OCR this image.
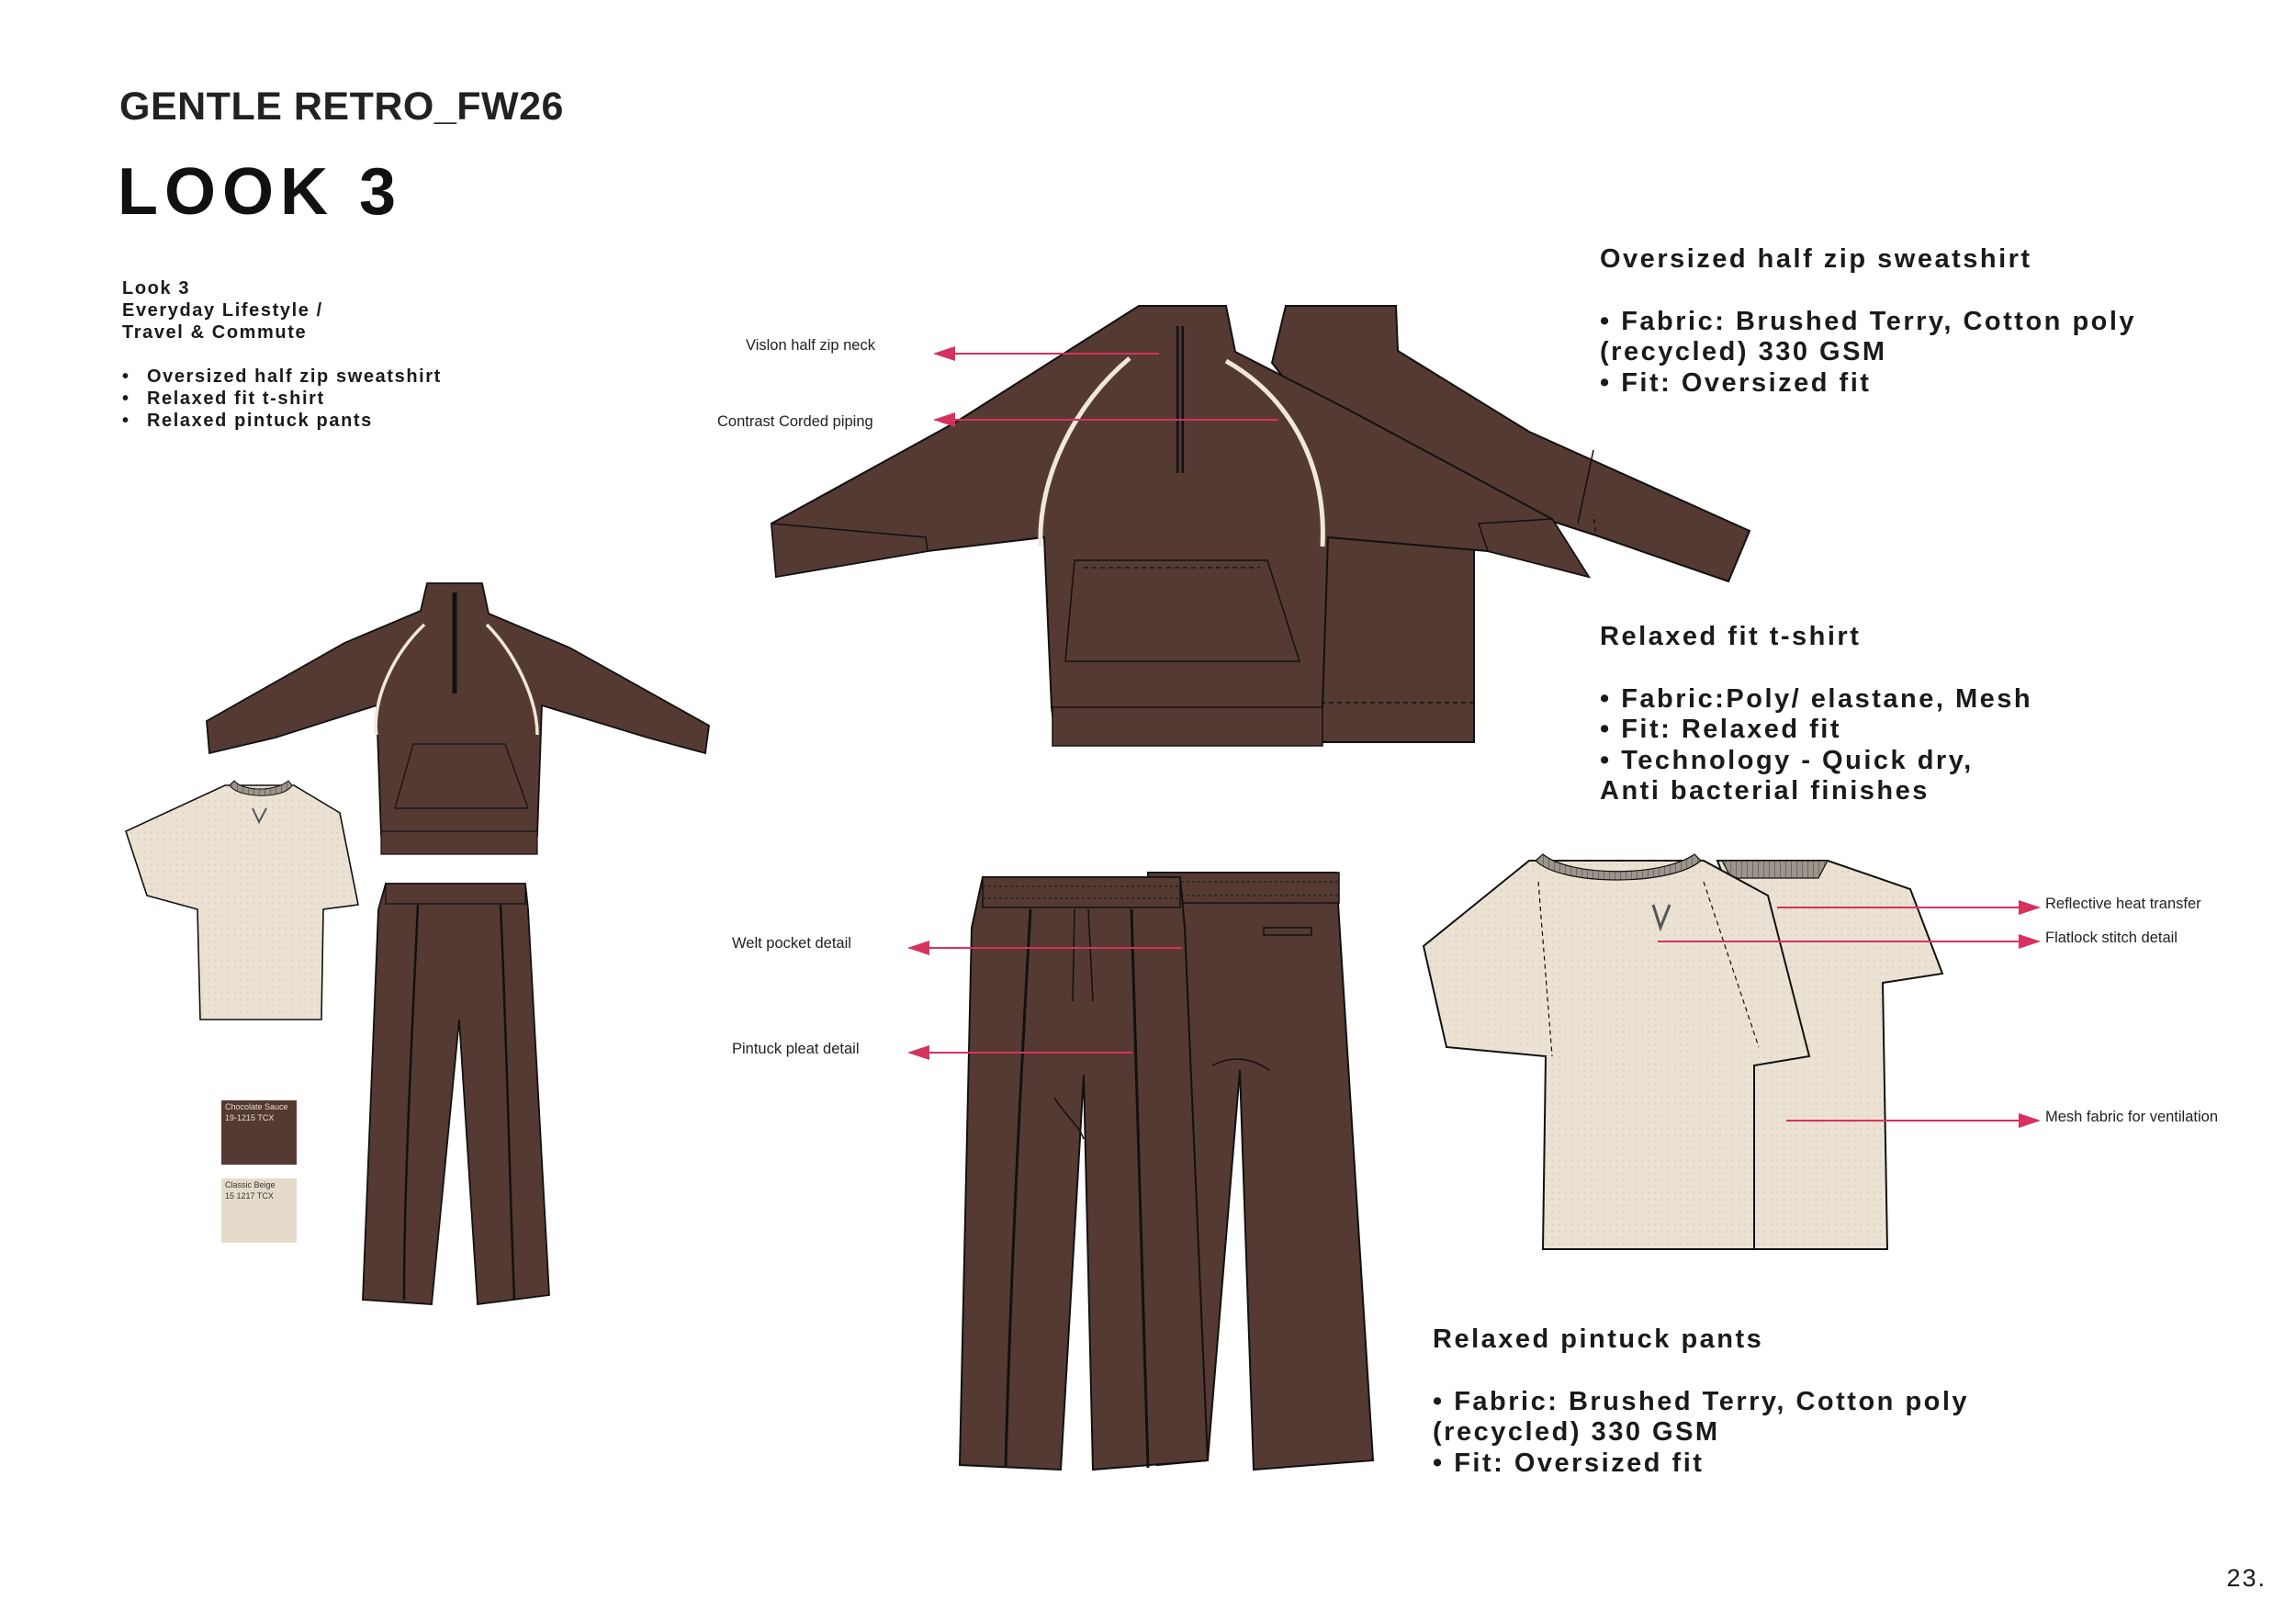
GENTLE RETRO_FW26
LOOK 3
Look 3
Everyday Lifestyle /
Travel & Commute
• Oversized half zip sweatshirt
• Relaxed fit t-shirt
• Relaxed pintuck pants
Chocolate Sauce
19-1215 TCX
Classic Beige
15 1217 TCX
Vislon half zip neck
Contrast Corded piping
Oversized half zip sweatshirt
• Fabric: Brushed Terry, Cotton poly
(recycled) 330 GSM
• Fit: Oversized fit
Relaxed fit t-shirt
• Fabric:Poly/ elastane, Mesh
• Fit: Relaxed fit
• Technology - Quick dry,
Anti bacterial finishes
Reflective heat transfer
Flatlock stitch detail
Mesh fabric for ventilation
Welt pocket detail
Pintuck pleat detail
Relaxed pintuck pants
• Fabric: Brushed Terry, Cotton poly
(recycled) 330 GSM
• Fit: Oversized fit
23.
